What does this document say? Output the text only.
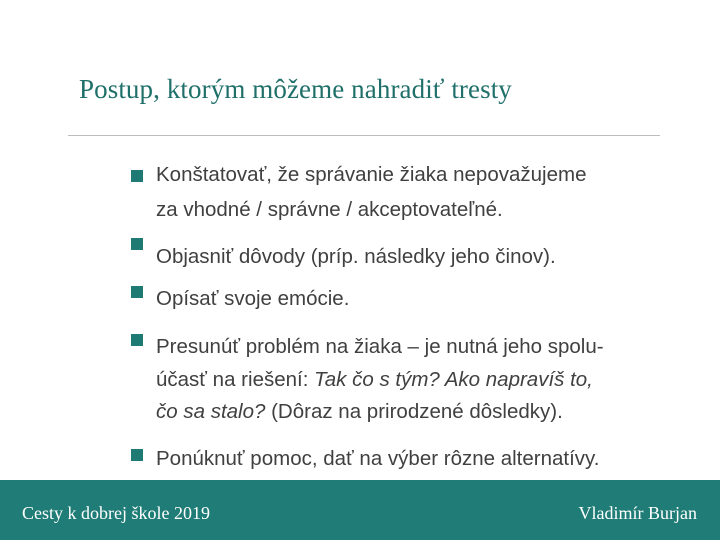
Postup, ktorým môžeme nahradiť tresty
Konštatovať, že správanie žiaka nepovažujeme
za vhodné / správne / akceptovateľné.
Objasniť dôvody (príp. následky jeho činov).
Opísať svoje emócie.
Presunúť problém na žiaka – je nutná jeho spolu-
účasť na riešení: Tak čo s tým? Ako napravíš to,
čo sa stalo? (Dôraz na prirodzené dôsledky).
Ponúknuť pomoc, dať na výber rôzne alternatívy.
Cesty k dobrej škole 2019	Vladimír Burjan
